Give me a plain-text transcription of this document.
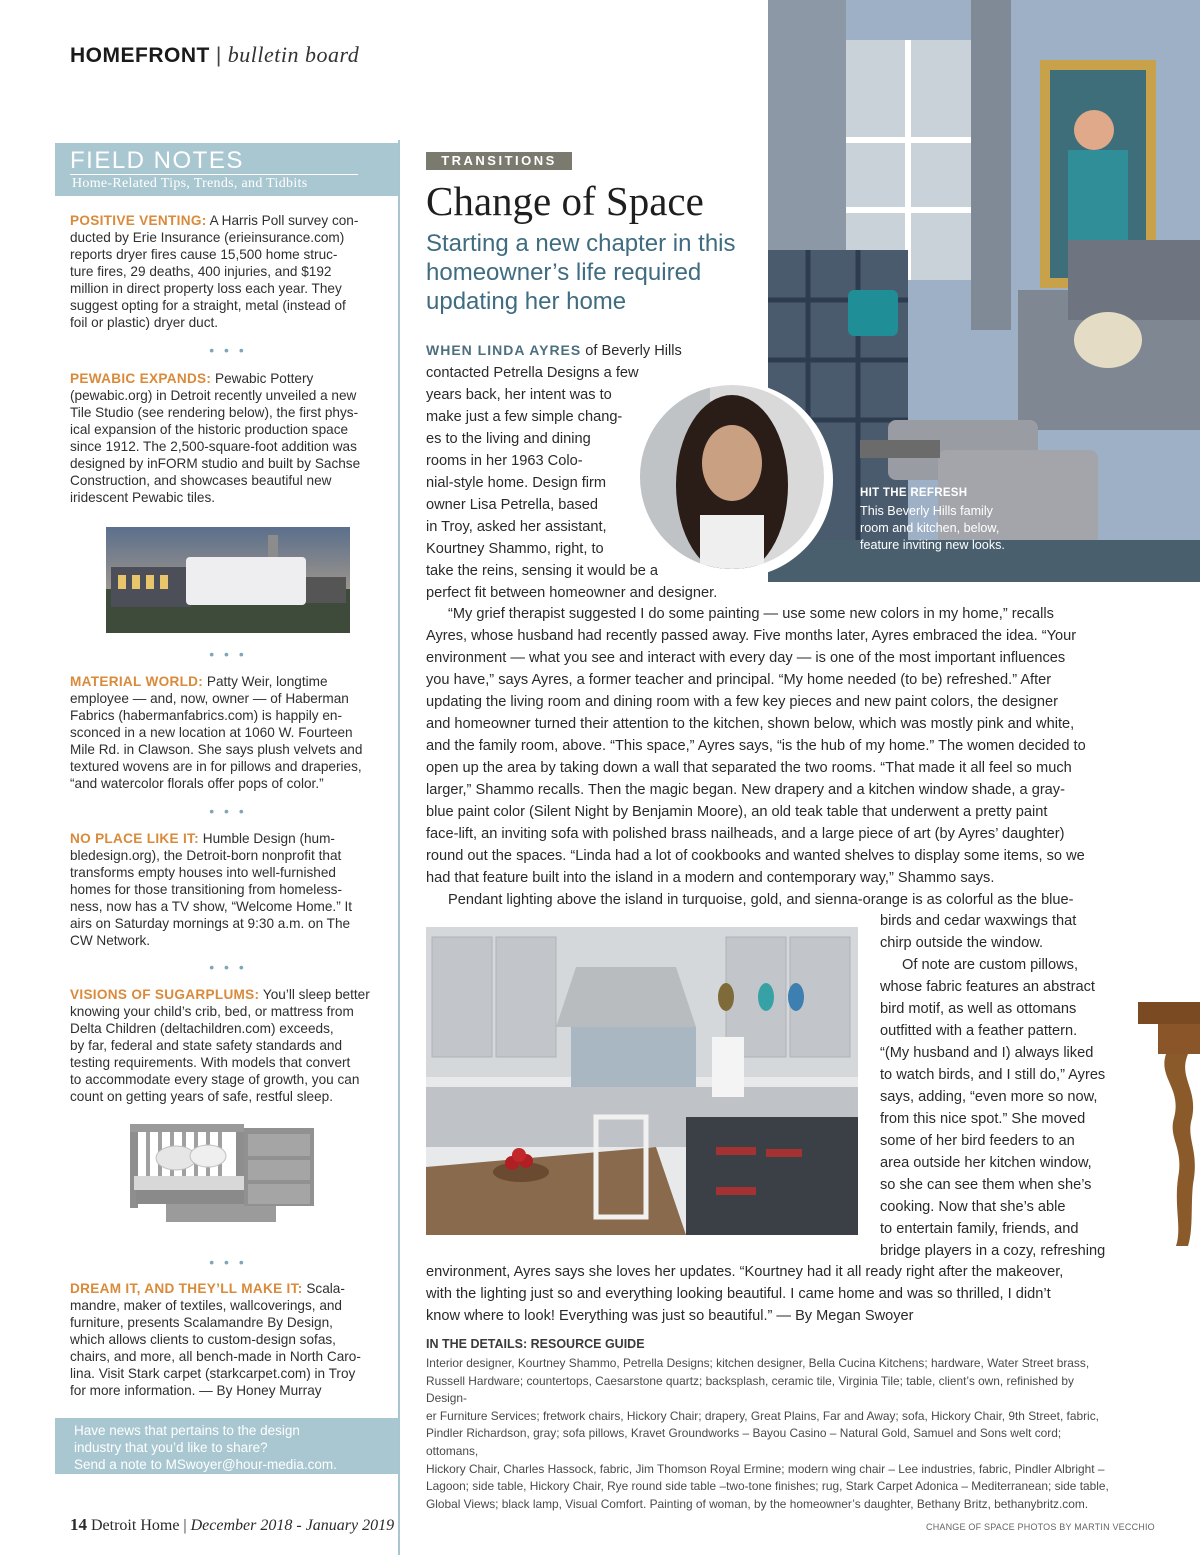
HOMEFRONT | bulletin board
FIELD NOTES
Home-Related Tips, Trends, and Tidbits
POSITIVE VENTING: A Harris Poll survey con-
ducted by Erie Insurance (erieinsurance.com)
reports dryer fires cause 15,500 home struc-
ture fires, 29 deaths, 400 injuries, and $192
million in direct property loss each year. They
suggest opting for a straight, metal (instead of
foil or plastic) dryer duct.
• • •
PEWABIC EXPANDS: Pewabic Pottery
(pewabic.org) in Detroit recently unveiled a new
Tile Studio (see rendering below), the first phys-
ical expansion of the historic production space
since 1912. The 2,500-square-foot addition was
designed by inFORM studio and built by Sachse
Construction, and showcases beautiful new
iridescent Pewabic tiles.
• • •
MATERIAL WORLD: Patty Weir, longtime
employee — and, now, owner — of Haberman
Fabrics (habermanfabrics.com) is happily en-
sconced in a new location at 1060 W. Fourteen
Mile Rd. in Clawson. She says plush velvets and
textured wovens are in for pillows and draperies,
“and watercolor florals offer pops of color.”
• • •
NO PLACE LIKE IT: Humble Design (hum-
bledesign.org), the Detroit-born nonprofit that
transforms empty houses into well-furnished
homes for those transitioning from homeless-
ness, now has a TV show, “Welcome Home.” It
airs on Saturday mornings at 9:30 a.m. on The
CW Network.
• • •
VISIONS OF SUGARPLUMS: You’ll sleep better
knowing your child’s crib, bed, or mattress from
Delta Children (deltachildren.com) exceeds,
by far, federal and state safety standards and
testing requirements. With models that convert
to accommodate every stage of growth, you can
count on getting years of safe, restful sleep.
• • •
DREAM IT, AND THEY’LL MAKE IT: Scala-
mandre, maker of textiles, wallcoverings, and
furniture, presents Scalamandre By Design,
which allows clients to custom-design sofas,
chairs, and more, all bench-made in North Caro-
lina. Visit Stark carpet (starkcarpet.com) in Troy
for more information. — By Honey Murray
Have news that pertains to the design
industry that you’d like to share?
Send a note to MSwoyer@hour-media.com.
HIT THE REFRESH
This Beverly Hills family
room and kitchen, below,
feature inviting new looks.
TRANSITIONS
Change of Space
Starting a new chapter in this homeowner’s life required updating her home

WHEN LINDA AYRES of Beverly Hills

contacted Petrella Designs a few

years back, her intent was to

make just a few simple chang-

es to the living and dining

rooms in her 1963 Colo-

nial-style home. Design firm

owner Lisa Petrella, based

in Troy, asked her assistant,

Kourtney Shammo, right, to

take the reins, sensing it would be a

perfect fit between homeowner and designer.

“My grief therapist suggested I do some painting — use some new colors in my home,” recalls

Ayres, whose husband had recently passed away. Five months later, Ayres embraced the idea. “Your

environment — what you see and interact with every day — is one of the most important influences

you have,” says Ayres, a former teacher and principal. “My home needed (to be) refreshed.” After

updating the living room and dining room with a few key pieces and new paint colors, the designer

and homeowner turned their attention to the kitchen, shown below, which was mostly pink and white,

and the family room, above. “This space,” Ayres says, “is the hub of my home.” The women decided to

open up the area by taking down a wall that separated the two rooms. “That made it all feel so much

larger,” Shammo recalls. Then the magic began. New drapery and a kitchen window shade, a gray-

blue paint color (Silent Night by Benjamin Moore), an old teak table that underwent a pretty paint

face-lift, an inviting sofa with polished brass nailheads, and a large piece of art (by Ayres’ daughter)

round out the spaces. “Linda had a lot of cookbooks and wanted shelves to display some items, so we

had that feature built into the island in a modern and contemporary way,” Shammo says.

Pendant lighting above the island in turquoise, gold, and sienna-orange is as colorful as the blue-

birds and cedar waxwings that

chirp outside the window.

Of note are custom pillows,

whose fabric features an abstract

bird motif, as well as ottomans

outfitted with a feather pattern.

“(My husband and I) always liked

to watch birds, and I still do,” Ayres

says, adding, “even more so now,

from this nice spot.” She moved

some of her bird feeders to an

area outside her kitchen window,

so she can see them when she’s

cooking. Now that she’s able

to entertain family, friends, and

bridge players in a cozy, refreshing

environment, Ayres says she loves her updates. “Kourtney had it all ready right after the makeover,

with the lighting just so and everything looking beautiful. I came home and was so thrilled, I didn’t

know where to look! Everything was just so beautiful.” — By Megan Swoyer

IN THE DETAILS: RESOURCE GUIDE
Interior designer, Kourtney Shammo, Petrella Designs; kitchen designer, Bella Cucina Kitchens; hardware, Water Street brass,
Russell Hardware; countertops, Caesarstone quartz; backsplash, ceramic tile, Virginia Tile; table, client’s own, refinished by Design-
er Furniture Services; fretwork chairs, Hickory Chair; drapery, Great Plains, Far and Away; sofa, Hickory Chair, 9th Street, fabric,
Pindler Richardson, gray; sofa pillows, Kravet Groundworks – Bayou Casino – Natural Gold, Samuel and Sons welt cord; ottomans,
Hickory Chair, Charles Hassock, fabric, Jim Thomson Royal Ermine; modern wing chair – Lee industries, fabric, Pindler Albright –
Lagoon; side table, Hickory Chair, Rye round side table –two-tone finishes; rug, Stark Carpet Adonica – Mediterranean; side table,
Global Views; black lamp, Visual Comfort. Painting of woman, by the homeowner’s daughter, Bethany Britz, bethanybritz.com.
14 Detroit Home | December 2018 - January 2019	CHANGE OF SPACE PHOTOS BY MARTIN VECCHIO
